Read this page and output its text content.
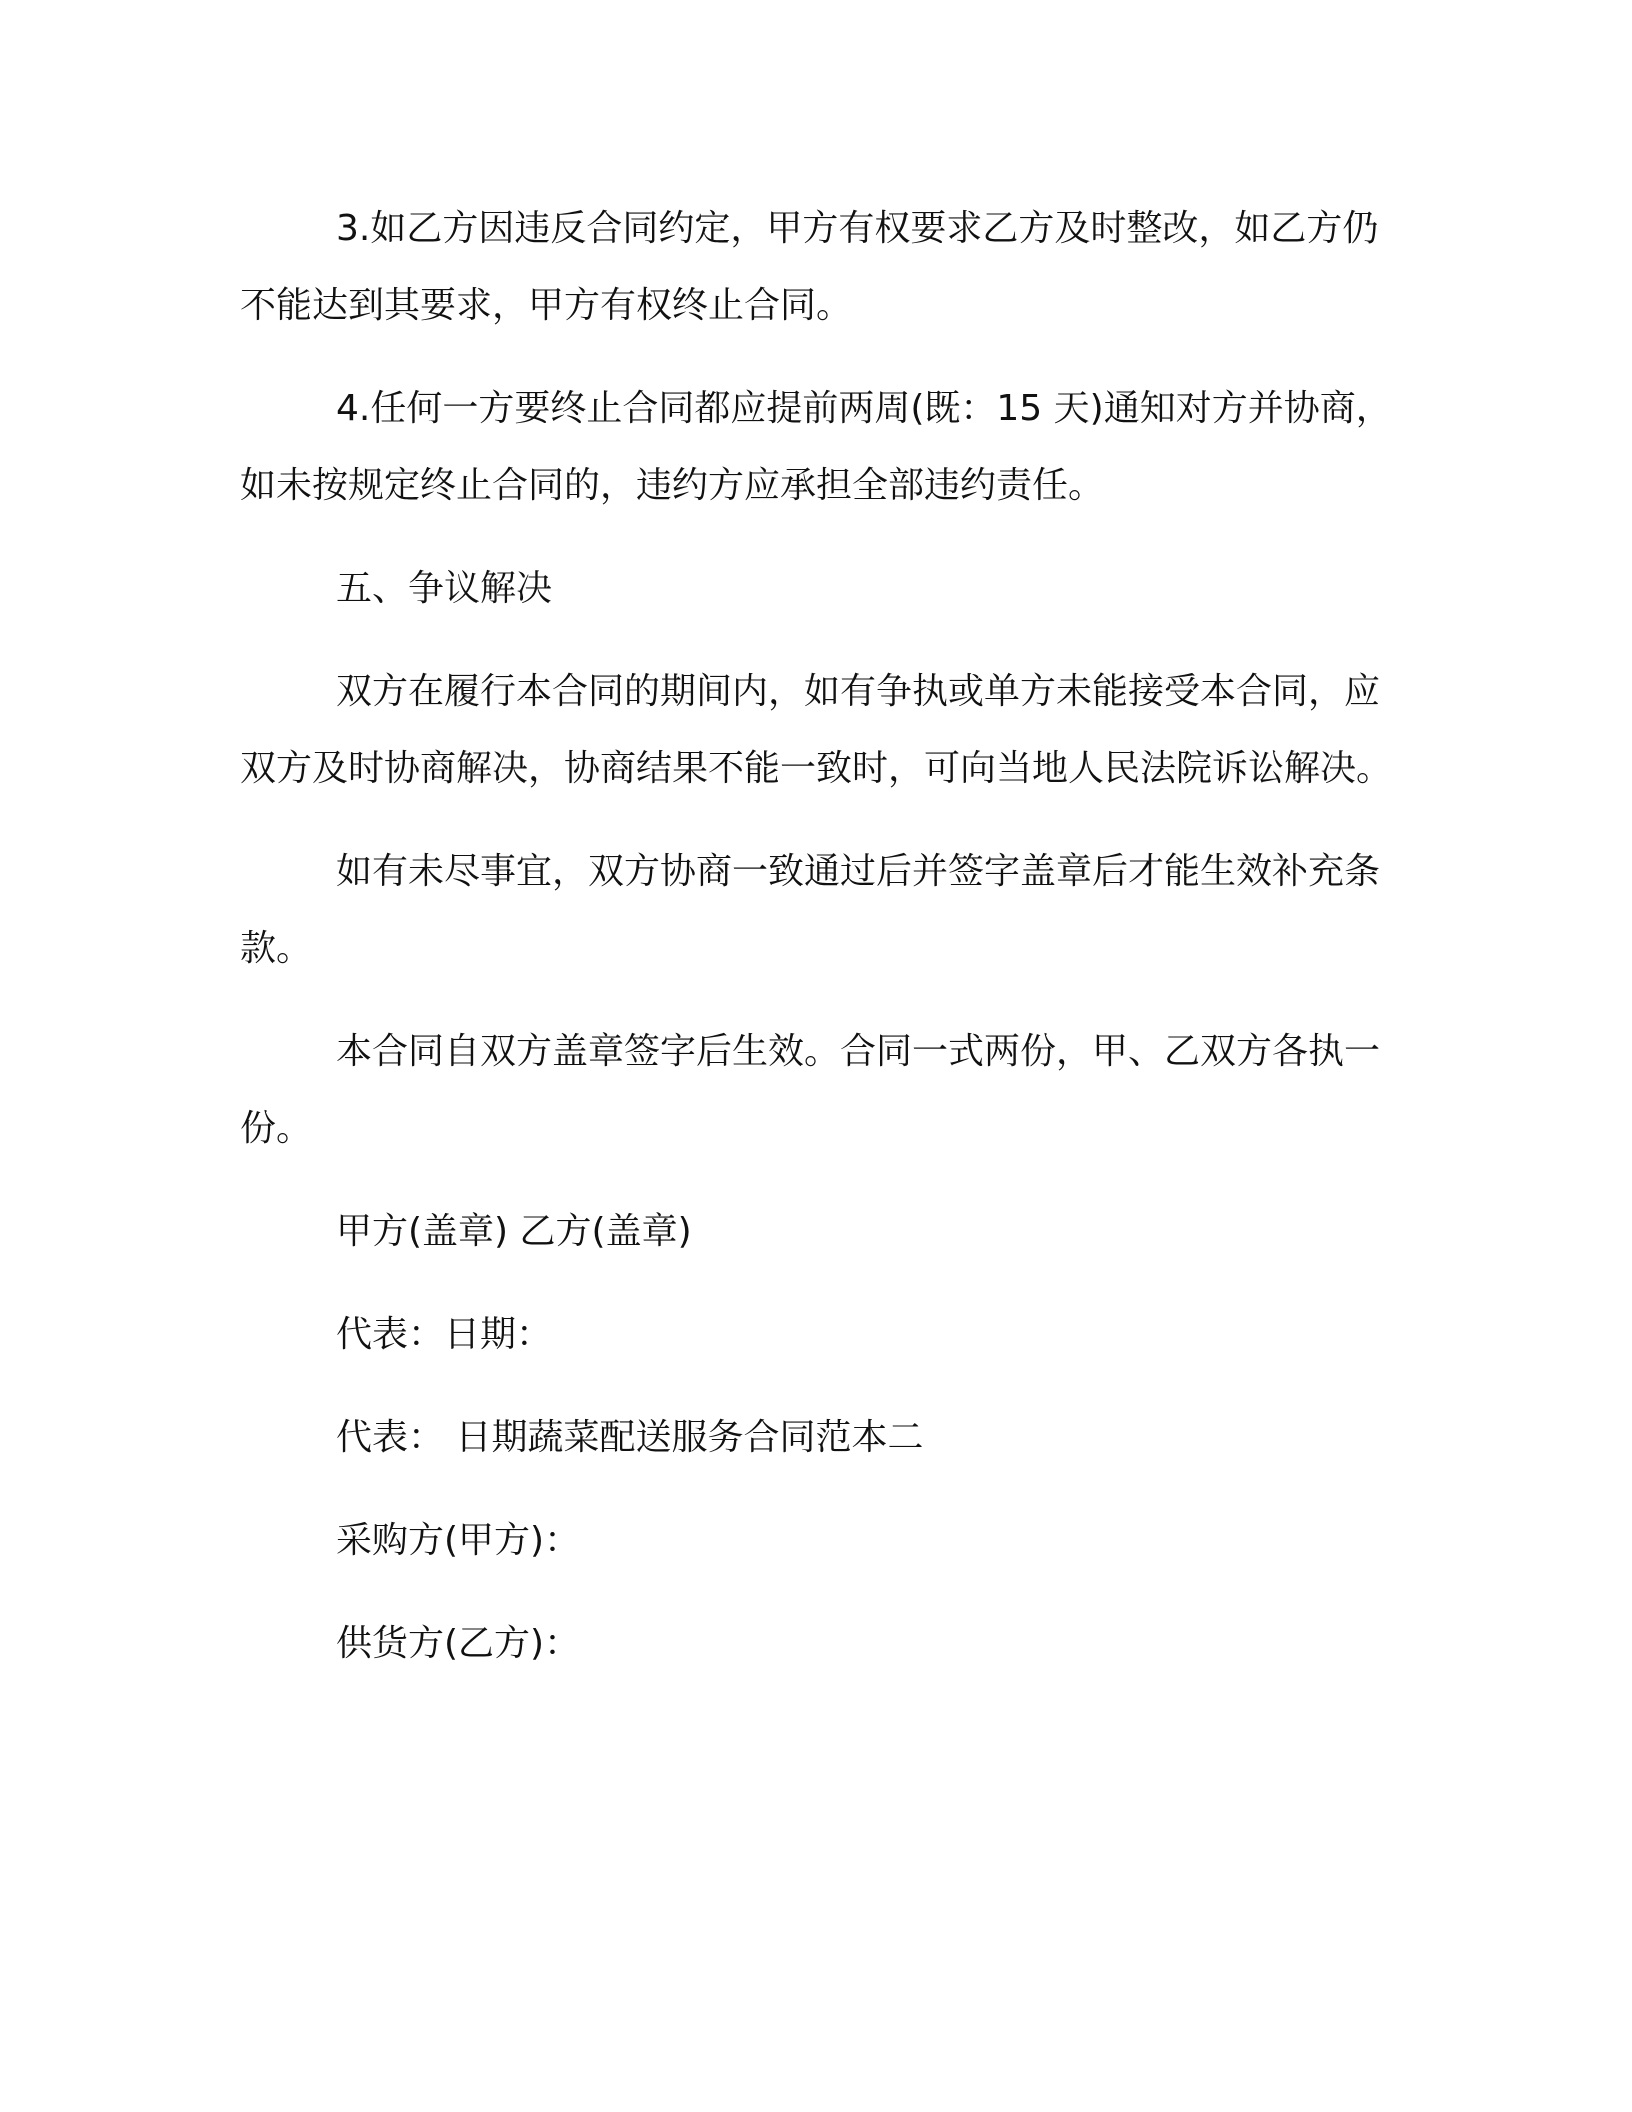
3.如乙方因违反合同约定，甲方有权要求乙方及时整改，如乙方仍不能达到其要求，甲方有权终止合同。

4.任何一方要终止合同都应提前两周(既：15 天)通知对方并协商，如未按规定终止合同的，违约方应承担全部违约责任。

五、争议解决

双方在履行本合同的期间内，如有争执或单方未能接受本合同，应双方及时协商解决，协商结果不能一致时，可向当地人民法院诉讼解决。

如有未尽事宜，双方协商一致通过后并签字盖章后才能生效补充条款。

本合同自双方盖章签字后生效。合同一式两份，甲、乙双方各执一份。

甲方(盖章) 乙方(盖章)

代表：日期：

代表： 日期蔬菜配送服务合同范本二

采购方(甲方)：

供货方(乙方)：
